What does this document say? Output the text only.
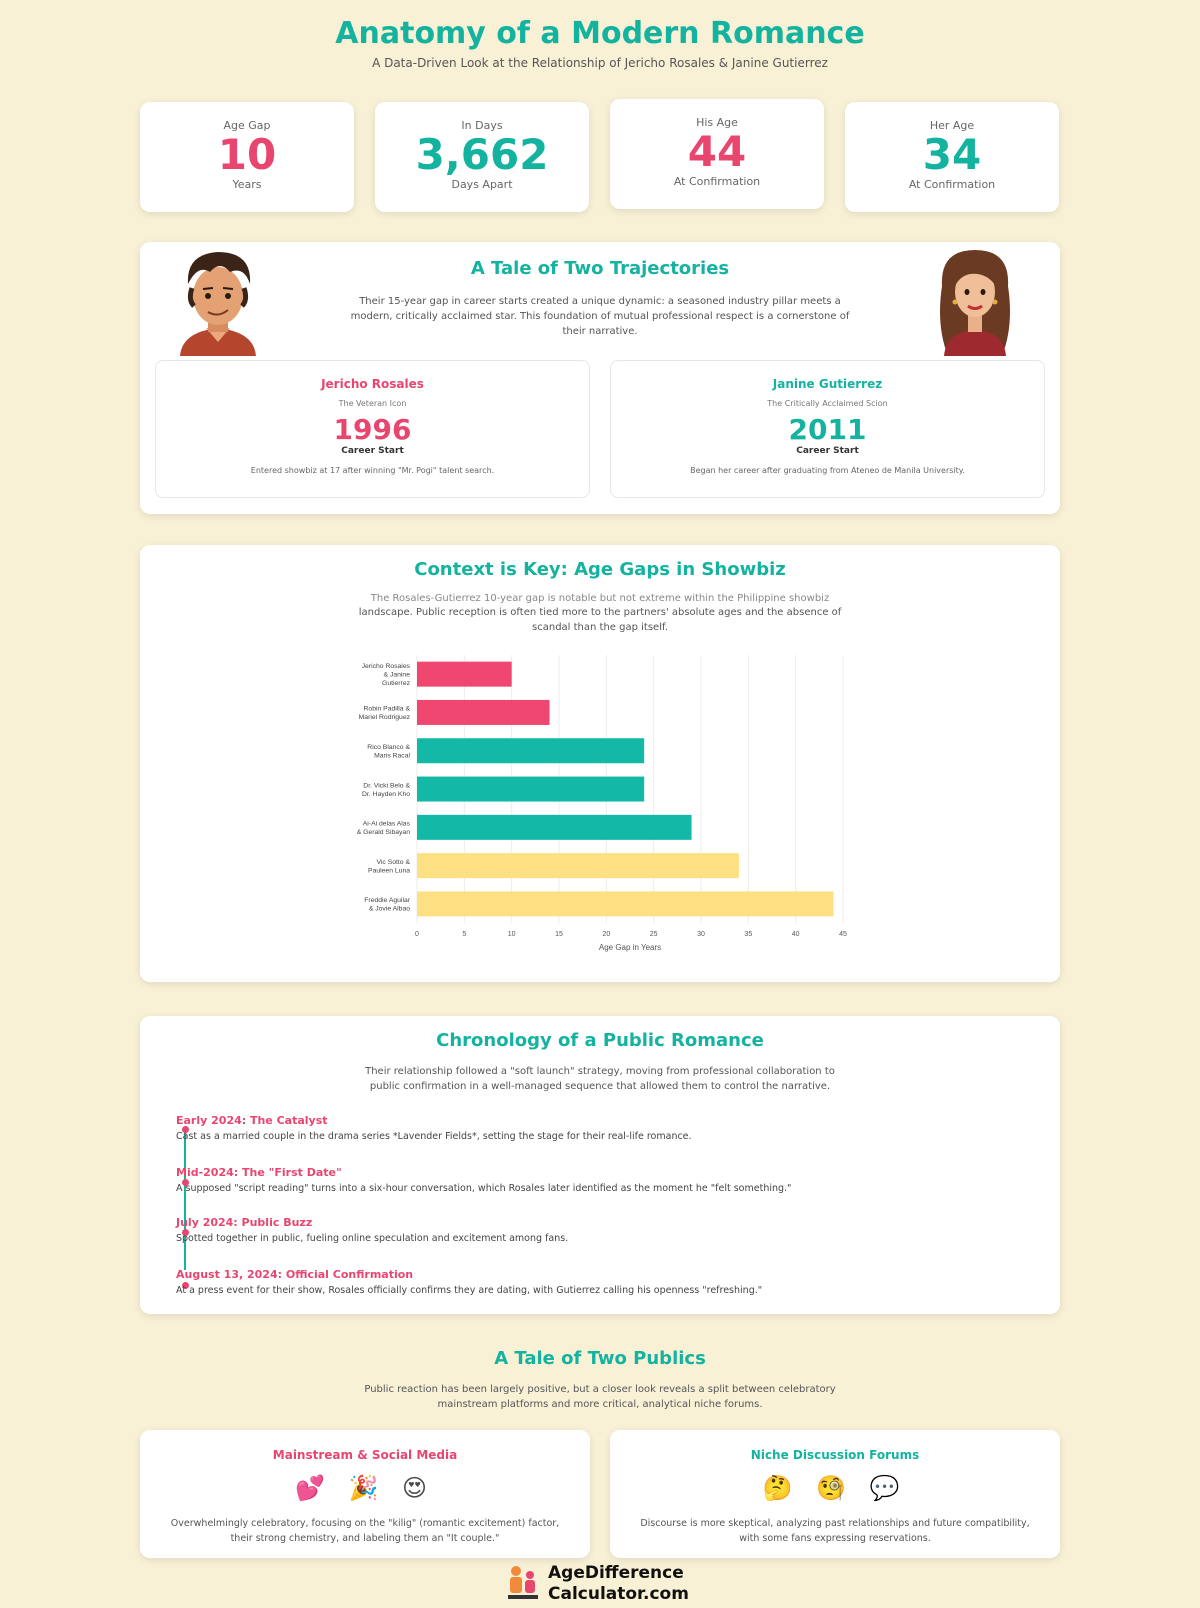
Anatomy of a Modern Romance

A Data-Driven Look at the Relationship of Jericho Rosales & Janine Gutierrez

Age Gap
10
Years
In Days
3,662
Days Apart
His Age
44
At Confirmation
Her Age
34
At Confirmation
A Tale of Two Trajectories
Their 15-year gap in career starts created a unique dynamic: a seasoned industry pillar meets a modern, critically acclaimed star. This foundation of mutual professional respect is a cornerstone of their narrative.
Jericho Rosales
The Veteran Icon
1996
Career Start
Entered showbiz at 17 after winning "Mr. Pogi" talent search.
Janine Gutierrez
The Critically Acclaimed Scion
2011
Career Start
Began her career after graduating from Ateneo de Manila University.
Context is Key: Age Gaps in Showbiz
The Rosales-Gutierrez 10-year gap is notable but not extreme within the Philippine showbiz
landscape. Public reception is often tied more to the partners' absolute ages and the absence of scandal than the gap itself.
0	5	10	15	20	25	30	35	40	45
Jericho Rosales
& Janine
Gutierrez
Robin Padilla &
Mariel Rodriguez
Rico Blanco &
Maris Racal
Dr. Vicki Belo &
Dr. Hayden Kho
Ai-Ai delas Alas
& Gerald Sibayan
Vic Sotto &
Pauleen Luna
Freddie Aguilar
& Jovie Albao
Age Gap in Years
Chronology of a Public Romance
Their relationship followed a "soft launch" strategy, moving from professional collaboration to public confirmation in a well-managed sequence that allowed them to control the narrative.
Early 2024: The Catalyst
Cast as a married couple in the drama series *Lavender Fields*, setting the stage for their real-life romance.
Mid-2024: The "First Date"
A supposed "script reading" turns into a six-hour conversation, which Rosales later identified as the moment he "felt something."
July 2024: Public Buzz
Spotted together in public, fueling online speculation and excitement among fans.
August 13, 2024: Official Confirmation
At a press event for their show, Rosales officially confirms they are dating, with Gutierrez calling his openness "refreshing."
A Tale of Two Publics
Public reaction has been largely positive, but a closer look reveals a split between celebratory mainstream platforms and more critical, analytical niche forums.
Mainstream & Social Media
💕 🎉 😍
Overwhelmingly celebratory, focusing on the "kilig" (romantic excitement) factor, their strong chemistry, and labeling them an "It couple."
Niche Discussion Forums
🤔 🧐 💬
Discourse is more skeptical, analyzing past relationships and future compatibility, with some fans expressing reservations.
AgeDifference
Calculator.com
